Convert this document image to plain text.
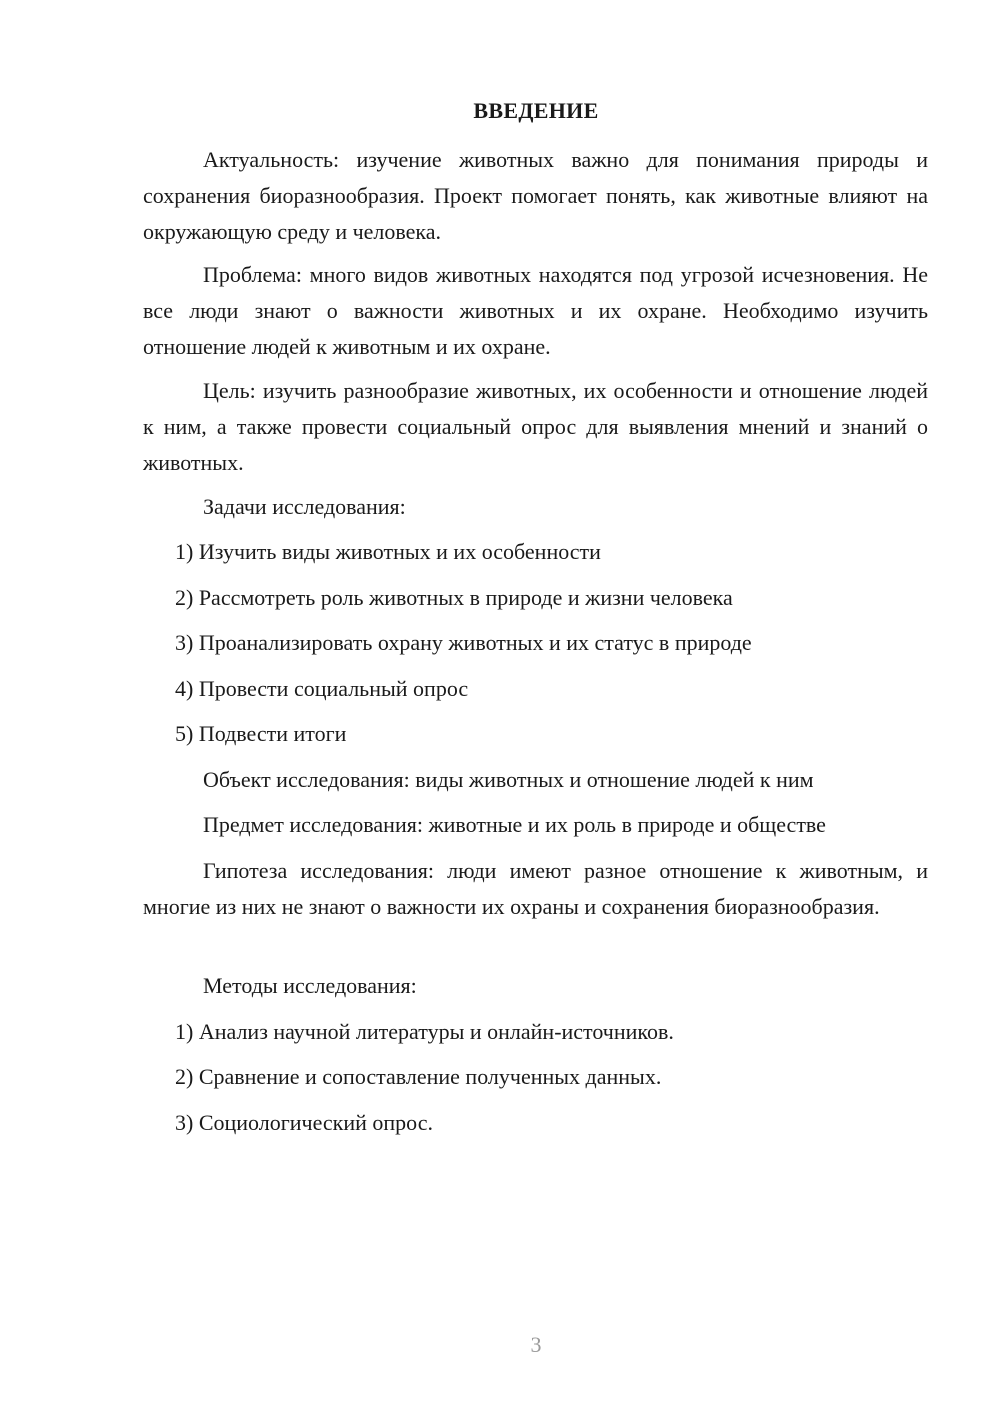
ВВЕДЕНИЕ

Актуальность: изучение животных важно для понимания природы и сохранения биоразнообразия. Проект помогает понять, как животные влияют на окружающую среду и человека.

Проблема: много видов животных находятся под угрозой исчезновения. Не все люди знают о важности животных и их охране. Необходимо изучить отношение людей к животным и их охране.

Цель: изучить разнообразие животных, их особенности и отношение людей к ним, а также провести социальный опрос для выявления мнений и знаний о животных.

Задачи исследования:

1) Изучить виды животных и их особенности

2) Рассмотреть роль животных в природе и жизни человека

3) Проанализировать охрану животных и их статус в природе

4) Провести социальный опрос

5) Подвести итоги

Объект исследования: виды животных и отношение людей к ним

Предмет исследования: животные и их роль в природе и обществе

Гипотеза исследования: люди имеют разное отношение к животным, и многие из них не знают о важности их охраны и сохранения биоразнообразия.

Методы исследования:

1) Анализ научной литературы и онлайн-источников.

2) Сравнение и сопоставление полученных данных.

3) Социологический опрос.

3
